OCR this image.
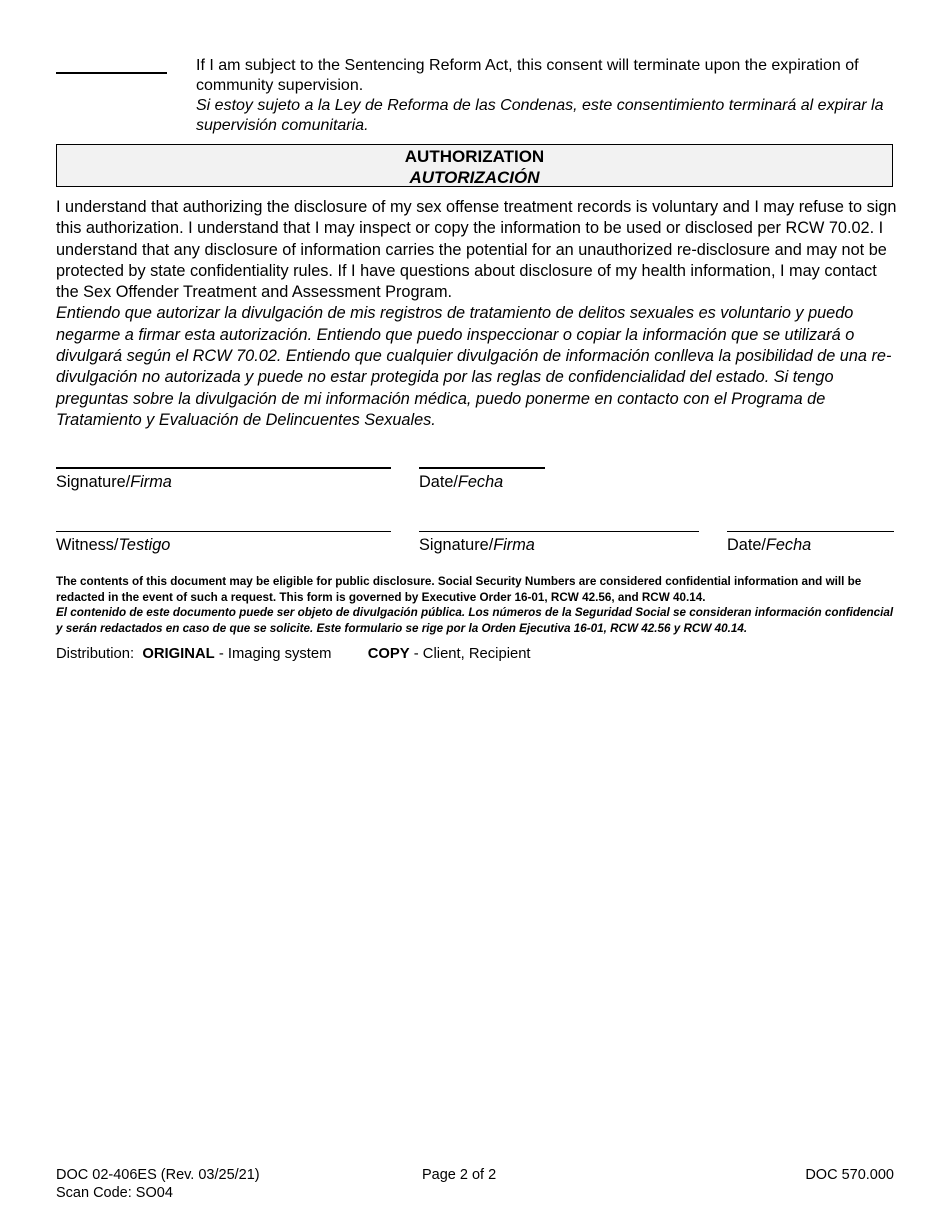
If I am subject to the Sentencing Reform Act, this consent will terminate upon the expiration of community supervision.
Si estoy sujeto a la Ley de Reforma de las Condenas, este consentimiento terminará al expirar la supervisión comunitaria.
AUTHORIZATION
AUTORIZACIÓN
I understand that authorizing the disclosure of my sex offense treatment records is voluntary and I may refuse to sign this authorization. I understand that I may inspect or copy the information to be used or disclosed per RCW 70.02. I understand that any disclosure of information carries the potential for an unauthorized re-disclosure and may not be protected by state confidentiality rules. If I have questions about disclosure of my health information, I may contact the Sex Offender Treatment and Assessment Program.
Entiendo que autorizar la divulgación de mis registros de tratamiento de delitos sexuales es voluntario y puedo negarme a firmar esta autorización. Entiendo que puedo inspeccionar o copiar la información que se utilizará o divulgará según el RCW 70.02. Entiendo que cualquier divulgación de información conlleva la posibilidad de una re-divulgación no autorizada y puede no estar protegida por las reglas de confidencialidad del estado. Si tengo preguntas sobre la divulgación de mi información médica, puedo ponerme en contacto con el Programa de Tratamiento y Evaluación de Delincuentes Sexuales.
Signature/Firma	Date/Fecha
Witness/Testigo	Signature/Firma	Date/Fecha
The contents of this document may be eligible for public disclosure. Social Security Numbers are considered confidential information and will be redacted in the event of such a request. This form is governed by Executive Order 16-01, RCW 42.56, and RCW 40.14.
El contenido de este documento puede ser objeto de divulgación pública. Los números de la Seguridad Social se consideran información confidencial y serán redactados en caso de que se solicite. Este formulario se rige por la Orden Ejecutiva 16-01, RCW 42.56 y RCW 40.14.
Distribution: ORIGINAL - Imaging system COPY - Client, Recipient
DOC 02-406ES (Rev. 03/25/21)
Scan Code: SO04
Page 2 of 2	DOC 570.000
